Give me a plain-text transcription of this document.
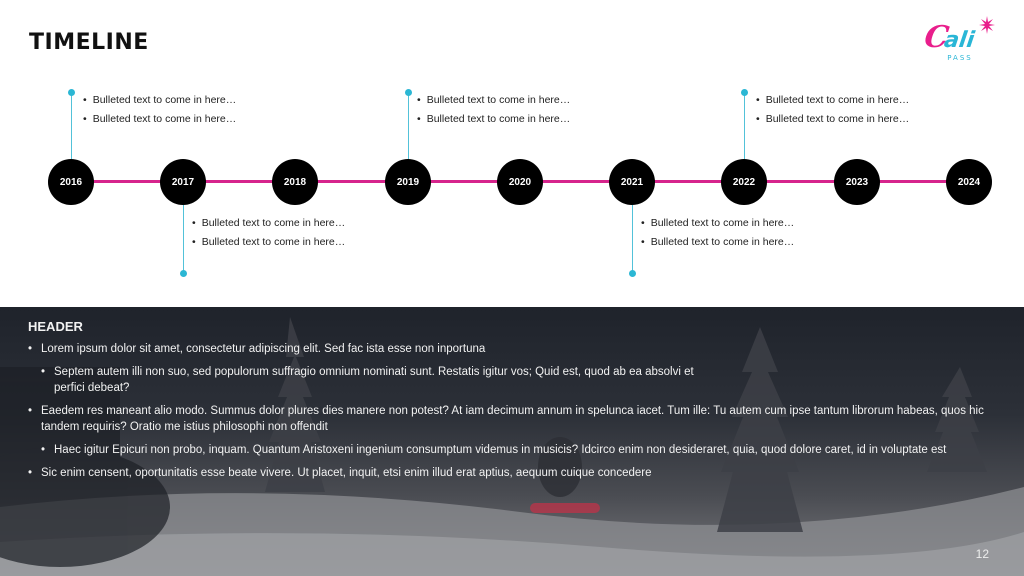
TIMELINE	C
ali
PASS
• Bulleted text to come in here…
• Bulleted text to come in here…
• Bulleted text to come in here…
• Bulleted text to come in here…
• Bulleted text to come in here…
• Bulleted text to come in here…
• Bulleted text to come in here…
• Bulleted text to come in here…
• Bulleted text to come in here…
• Bulleted text to come in here…
2016	2017	2018	2019	2020	2021	2022	2023	2024
HEADER
• Lorem ipsum dolor sit amet, consectetur adipiscing elit. Sed fac ista esse non inportuna
• Septem autem illi non suo, sed populorum suffragio omnium nominati sunt. Restatis igitur vos; Quid est, quod ab ea absolvi et perfici debeat?
• Eaedem res maneant alio modo. Summus dolor plures dies manere non potest? At iam decimum annum in spelunca iacet. Tum ille: Tu autem cum ipse tantum librorum habeas, quos hic tandem requiris? Oratio me istius philosophi non offendit
• Haec igitur Epicuri non probo, inquam. Quantum Aristoxeni ingenium consumptum videmus in musicis? Idcirco enim non desideraret, quia, quod dolore caret, id in voluptate est
• Sic enim censent, oportunitatis esse beate vivere. Ut placet, inquit, etsi enim illud erat aptius, aequum cuique concedere
12
